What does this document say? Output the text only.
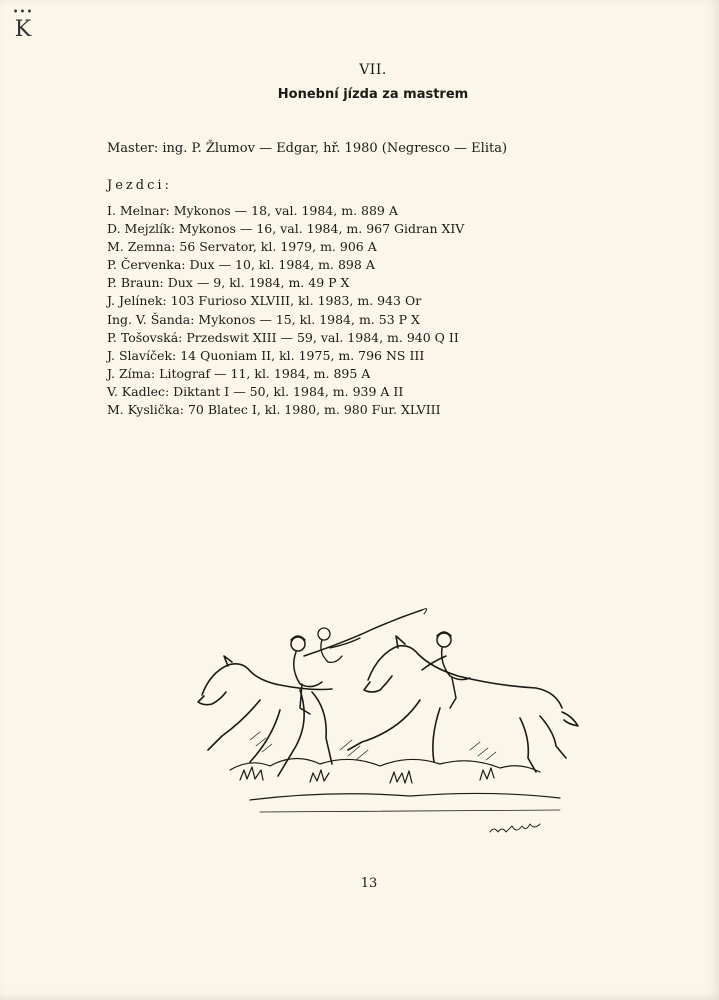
•••
K
VII.
Honební jízda za mastrem
Master: ing. P. Žlumov — Edgar, hř. 1980 (Negresco — Elita)
Jezdci:
I. Melnar: Mykonos — 18, val. 1984, m. 889 A
D. Mejzlík: Mykonos — 16, val. 1984, m. 967 Gidran XIV
M. Zemna: 56 Servator, kl. 1979, m. 906 A
P. Červenka: Dux — 10, kl. 1984, m. 898 A
P. Braun: Dux — 9, kl. 1984, m. 49 P X
J. Jelínek: 103 Furioso XLVIII, kl. 1983, m. 943 Or
Ing. V. Šanda: Mykonos — 15, kl. 1984, m. 53 P X
P. Tošovská: Przedswit XIII — 59, val. 1984, m. 940 Q II
J. Slavíček: 14 Quoniam II, kl. 1975, m. 796 NS III
J. Zíma: Litograf — 11, kl. 1984, m. 895 A
V. Kadlec: Diktant I — 50, kl. 1984, m. 939 A II
M. Kyslička: 70 Blatec I, kl. 1980, m. 980 Fur. XLVIII
13
